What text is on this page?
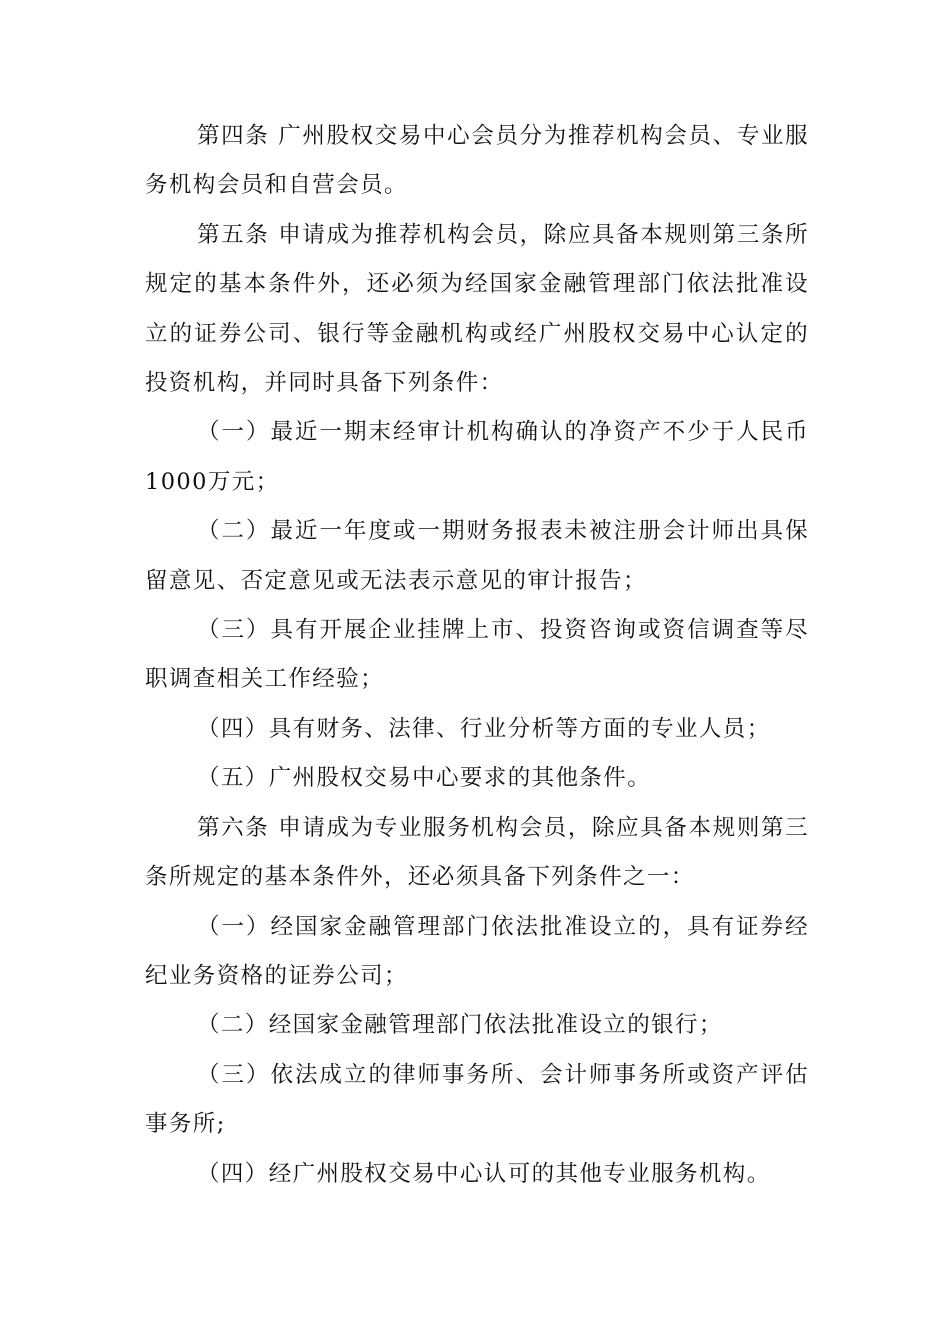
第四条 广州股权交易中心会员分为推荐机构会员、专业服务机构会员和自营会员。

第五条 申请成为推荐机构会员，除应具备本规则第三条所规定的基本条件外，还必须为经国家金融管理部门依法批准设立的证券公司、银行等金融机构或经广州股权交易中心认定的投资机构，并同时具备下列条件：

（一）最近一期末经审计机构确认的净资产不少于人民币1000万元；

（二）最近一年度或一期财务报表未被注册会计师出具保留意见、否定意见或无法表示意见的审计报告；

（三）具有开展企业挂牌上市、投资咨询或资信调查等尽职调查相关工作经验；

（四）具有财务、法律、行业分析等方面的专业人员；

（五）广州股权交易中心要求的其他条件。

第六条 申请成为专业服务机构会员，除应具备本规则第三条所规定的基本条件外，还必须具备下列条件之一：

（一）经国家金融管理部门依法批准设立的，具有证券经纪业务资格的证券公司；

（二）经国家金融管理部门依法批准设立的银行；

（三）依法成立的律师事务所、会计师事务所或资产评估事务所;

（四）经广州股权交易中心认可的其他专业服务机构。
